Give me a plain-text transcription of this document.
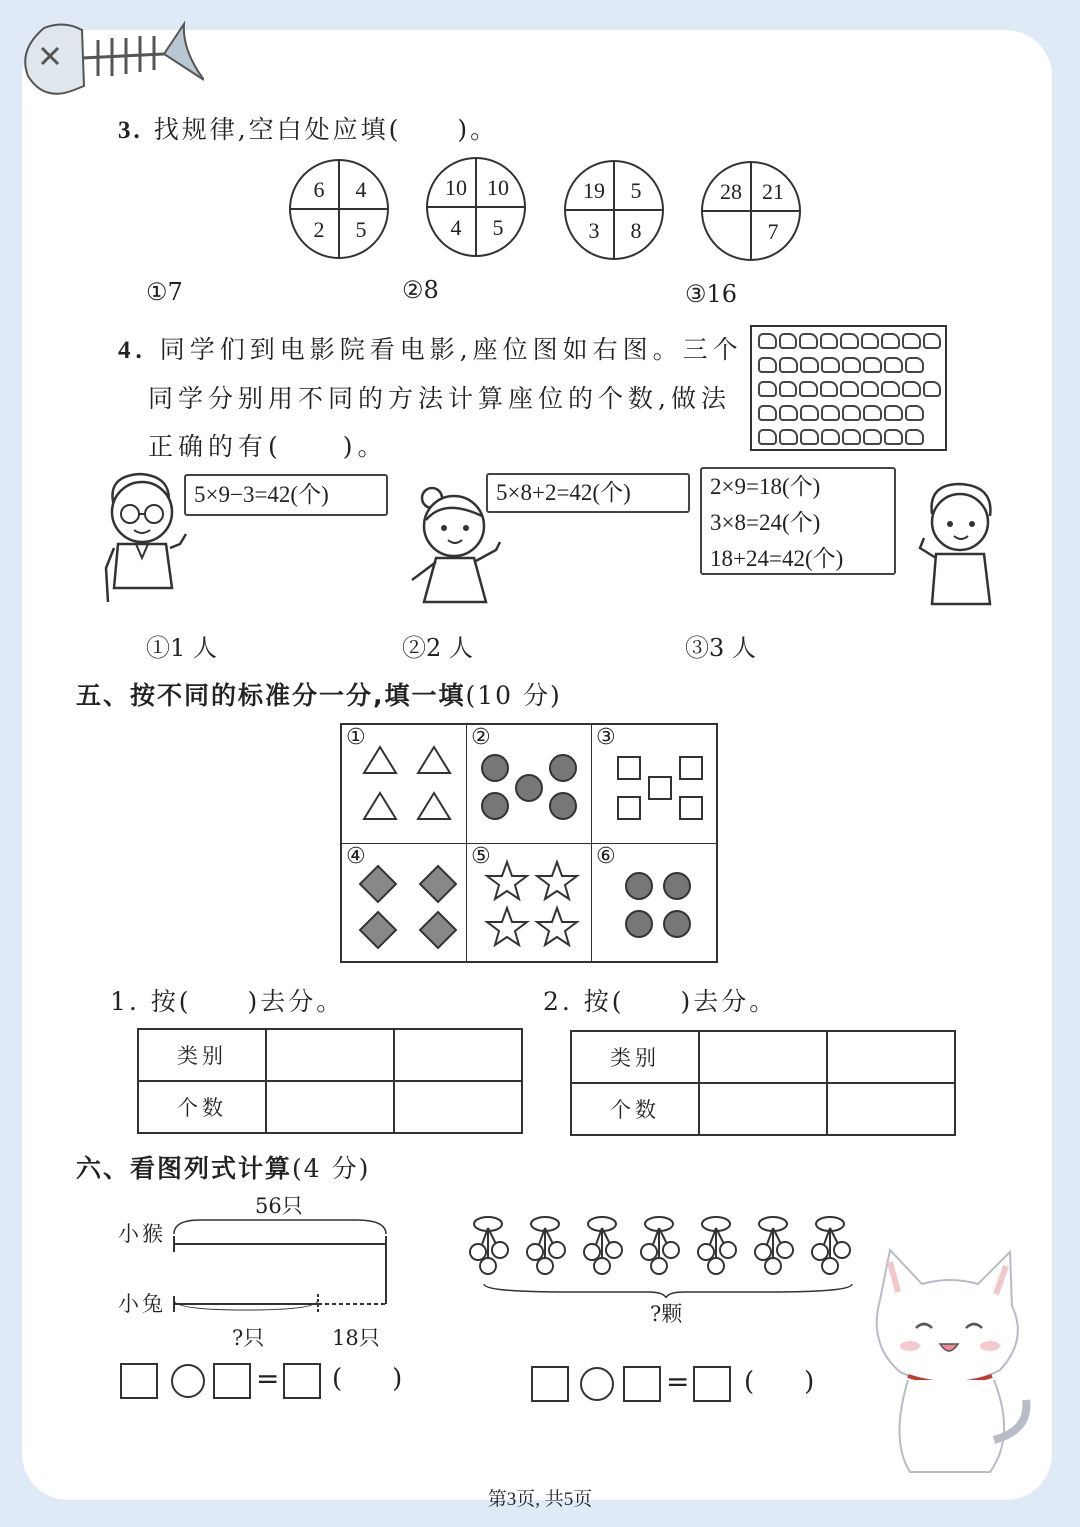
3. 找规律,空白处应填(　　)。
6	4
2	5
10 10
4	5
19	5
3	8
28 21
7
①7	②8	③16
4. 同学们到电影院看电影,座位图如右图。三个
同学分别用不同的方法计算座位的个数,做法
正确的有(　　)。
5×9−3=42(个)	5×8+2=42(个)	2×9=18(个)
3×8=24(个)
18+24=42(个)
①1 人	②2 人	③3 人
五、按不同的标准分一分,填一填(10 分)
①	②	③
④	⑤	⑥
1. 按(　　)去分。	2. 按(　　)去分。
类别		
个数		
类别		
个数		
六、看图列式计算(4 分)
56只
小猴
小兔
?只	18只
?颗
= ()	= ()
第3页, 共5页
